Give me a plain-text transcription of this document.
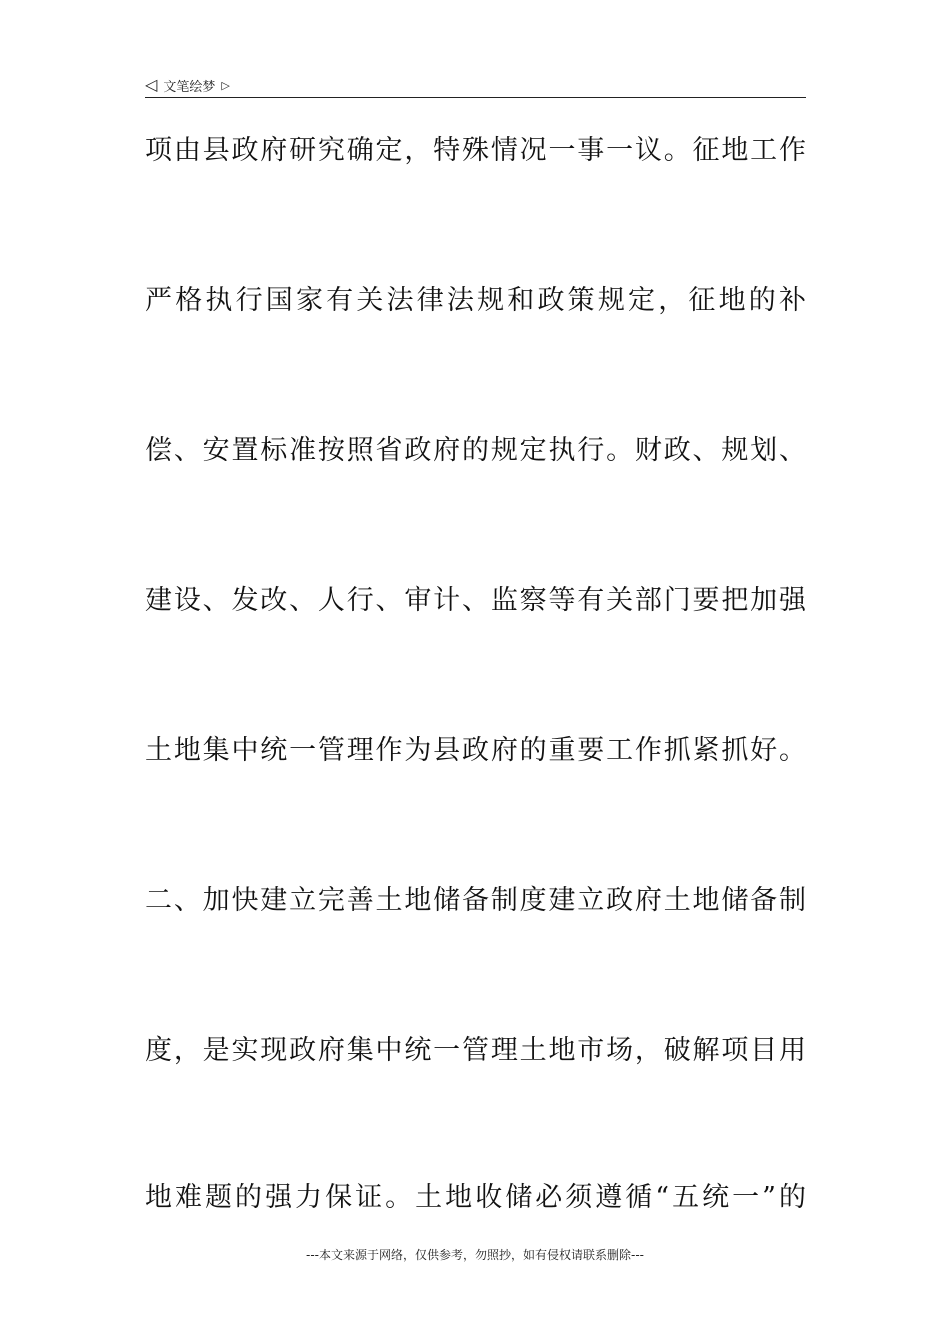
◁ 文笔绘梦 ▷
项由县政府研究确定，特殊情况一事一议。征地工作
严格执行国家有关法律法规和政策规定，征地的补
偿、安置标准按照省政府的规定执行。财政、规划、
建设、发改、人行、审计、监察等有关部门要把加强
土地集中统一管理作为县政府的重要工作抓紧抓好。
二、加快建立完善土地储备制度建立政府土地储备制
度，是实现政府集中统一管理土地市场，破解项目用
地难题的强力保证。土地收储必须遵循“五统一”的
---本文来源于网络，仅供参考，勿照抄，如有侵权请联系删除---
